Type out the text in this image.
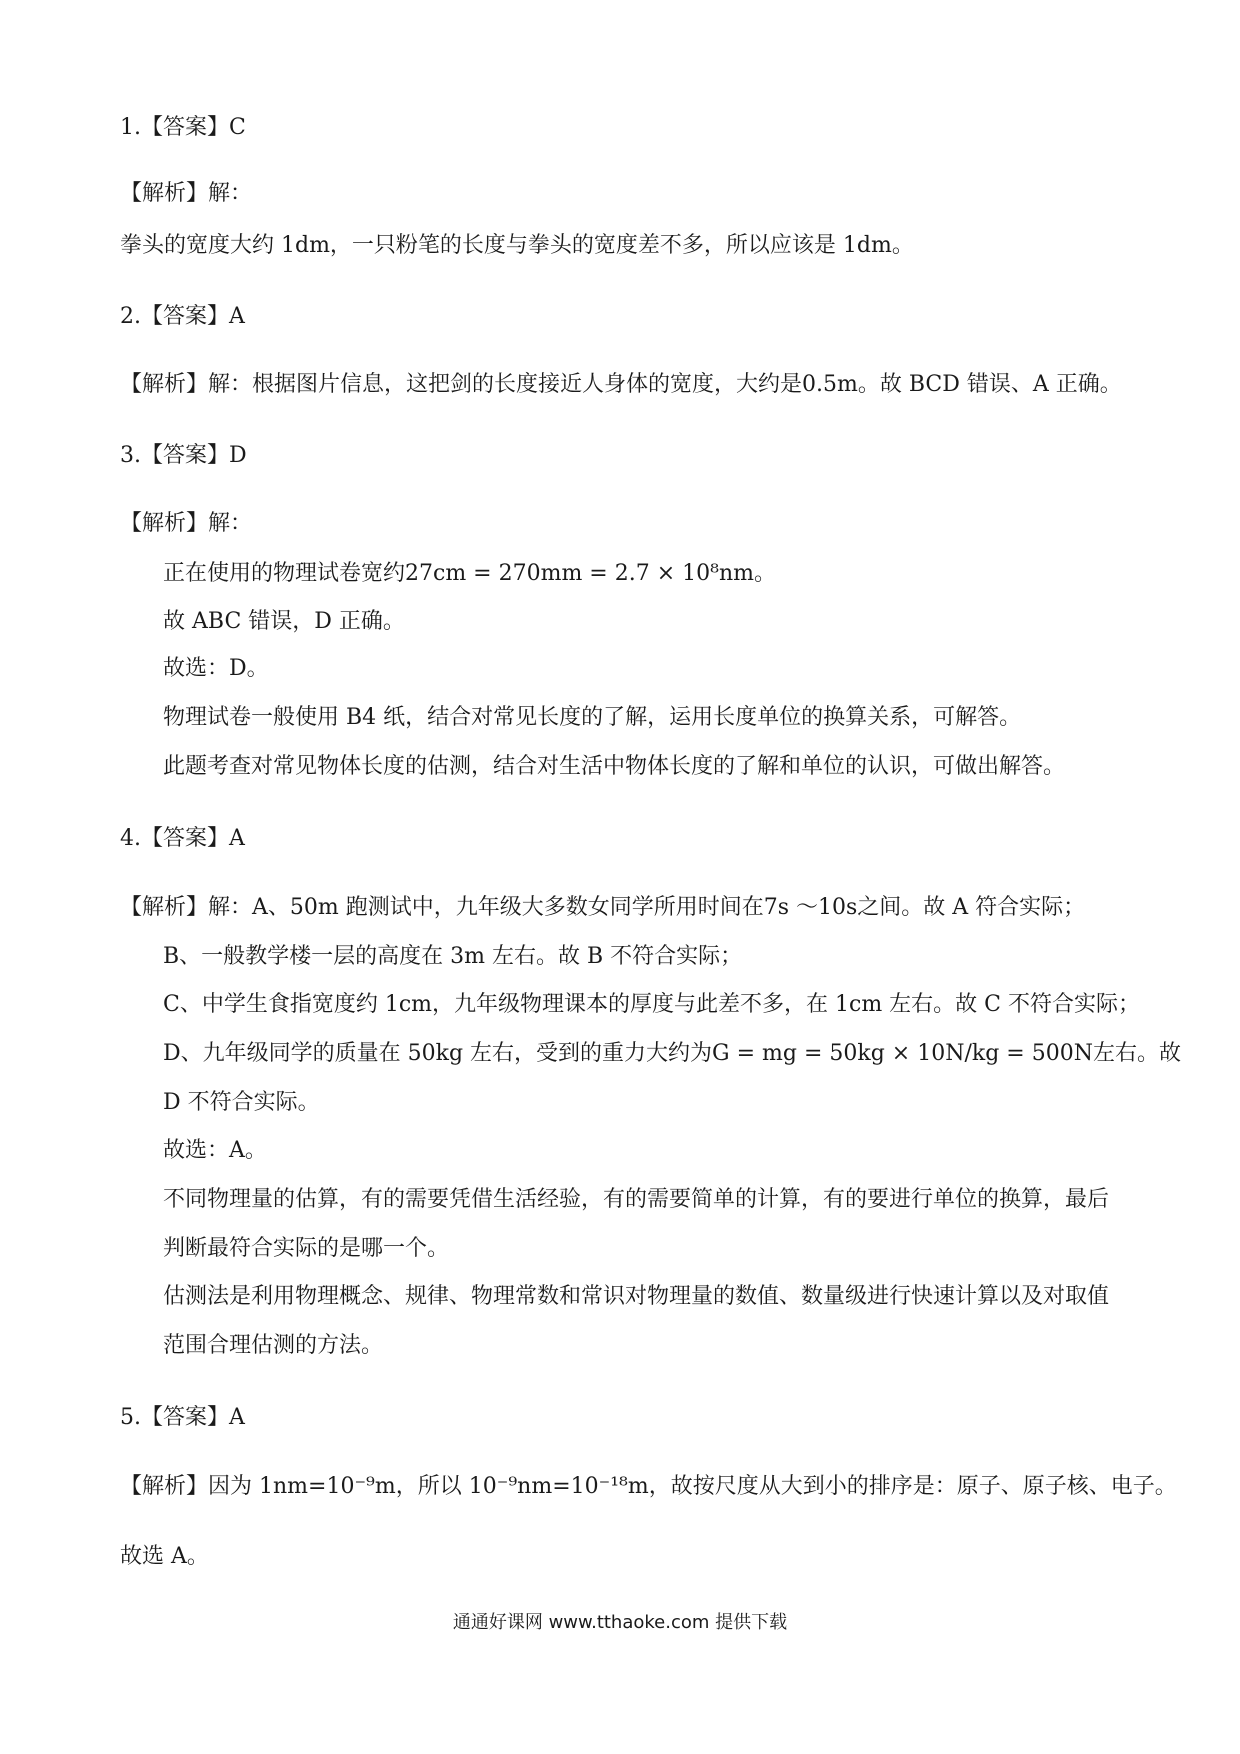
1.【答案】C
【解析】解：
拳头的宽度大约 1dm，一只粉笔的长度与拳头的宽度差不多，所以应该是 1dm。
2.【答案】A
【解析】解：根据图片信息，这把剑的长度接近人身体的宽度，大约是0.5m。故 BCD 错误、A 正确。
3.【答案】D
【解析】解：
正在使用的物理试卷宽约27cm = 270mm = 2.7 × 10⁸nm。
故 ABC 错误，D 正确。
故选：D。
物理试卷一般使用 B4 纸，结合对常见长度的了解，运用长度单位的换算关系，可解答。
此题考查对常见物体长度的估测，结合对生活中物体长度的了解和单位的认识，可做出解答。
4.【答案】A
【解析】解：A、50m 跑测试中，九年级大多数女同学所用时间在7s ～10s之间。故 A 符合实际；
B、一般教学楼一层的高度在 3m 左右。故 B 不符合实际；
C、中学生食指宽度约 1cm，九年级物理课本的厚度与此差不多，在 1cm 左右。故 C 不符合实际；
D、九年级同学的质量在 50kg 左右，受到的重力大约为G = mg = 50kg × 10N/kg = 500N左右。故
D 不符合实际。
故选：A。
不同物理量的估算，有的需要凭借生活经验，有的需要简单的计算，有的要进行单位的换算，最后
判断最符合实际的是哪一个。
估测法是利用物理概念、规律、物理常数和常识对物理量的数值、数量级进行快速计算以及对取值
范围合理估测的方法。
5.【答案】A
【解析】因为 1nm=10⁻⁹m，所以 10⁻⁹nm=10⁻¹⁸m，故按尺度从大到小的排序是：原子、原子核、电子。
故选 A。
通通好课网 www.tthaoke.com 提供下载
